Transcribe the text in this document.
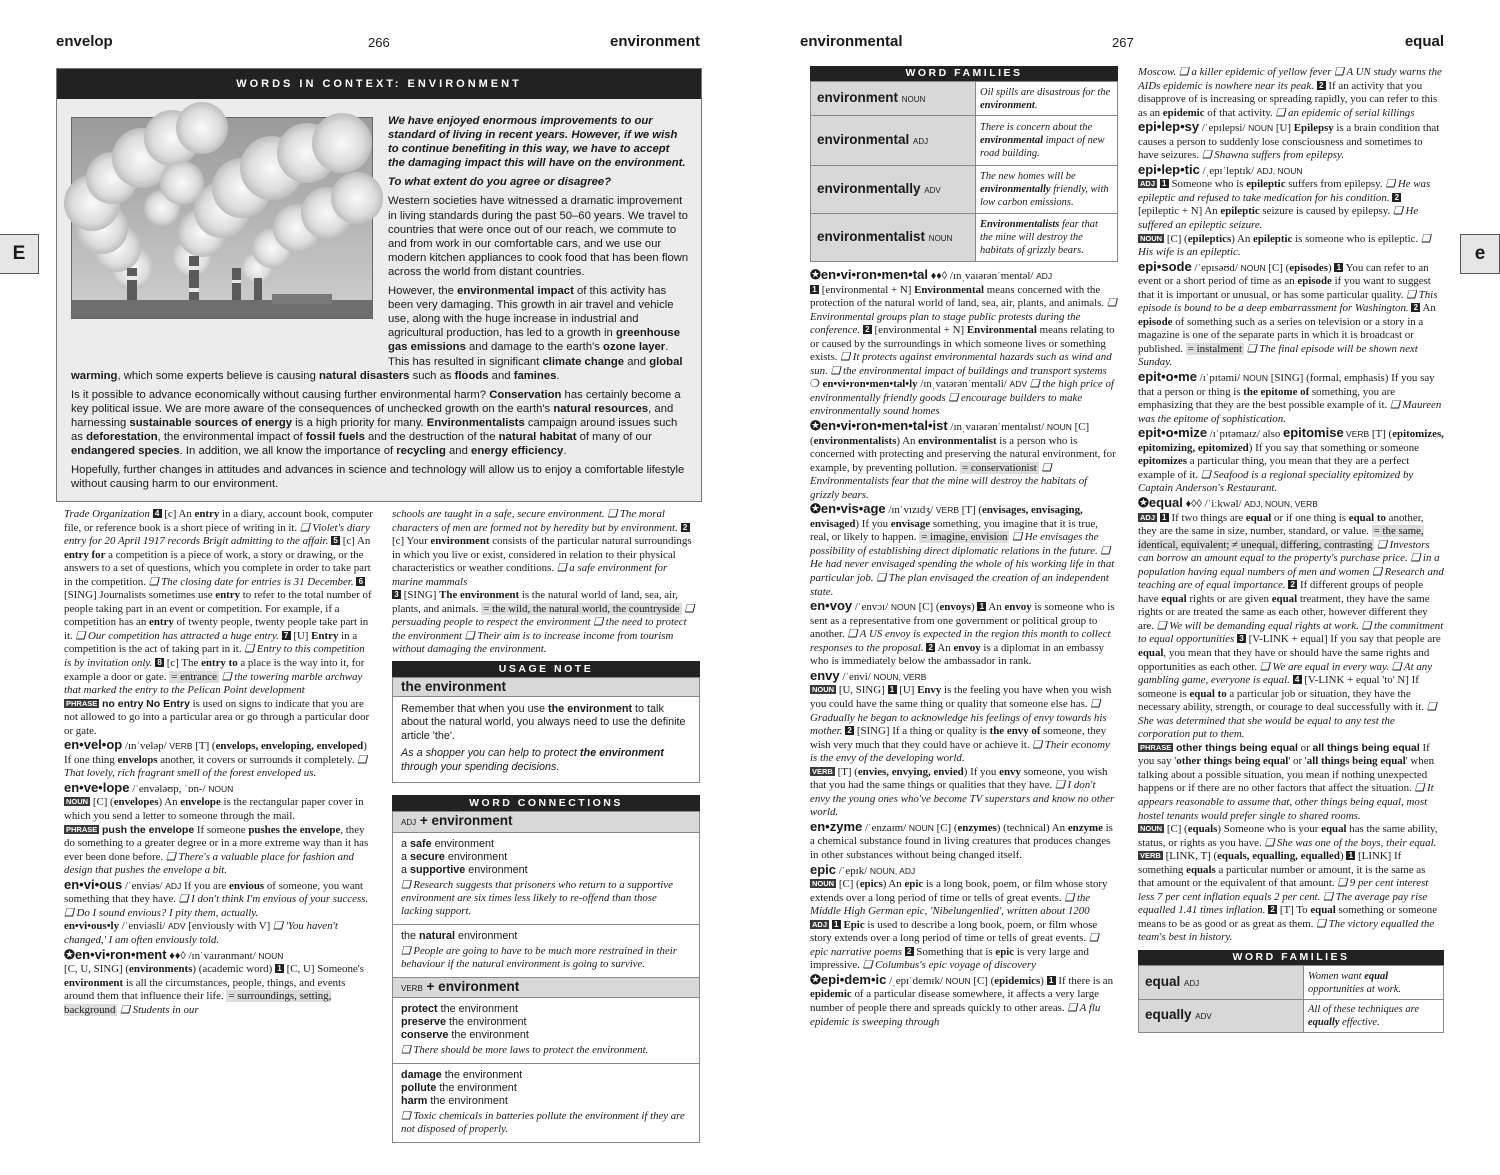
envelop	266	environment	environmental	267	equal
E	e
WORDS IN CONTEXT: ENVIRONMENT

We have enjoyed enormous improvements to our standard of living in recent years. However, if we wish to continue benefiting in this way, we have to accept the damaging impact this will have on the environment.

To what extent do you agree or disagree?

Western societies have witnessed a dramatic improvement in living standards during the past 50–60 years. We travel to countries that were once out of our reach, we commute to and from work in our comfortable cars, and we use our modern kitchen appliances to cook food that has been flown across the world from distant countries.

However, the environmental impact of this activity has been very damaging. This growth in air travel and vehicle use, along with the huge increase in industrial and agricultural production, has led to a growth in greenhouse gas emissions and damage to the earth's ozone layer. This has resulted in significant climate change and global warming, which some experts believe is causing natural disasters such as floods and famines.

Is it possible to advance economically without causing further environmental harm? Conservation has certainly become a key political issue. We are more aware of the consequences of unchecked growth on the earth's natural resources, and harnessing sustainable sources of energy is a high priority for many. Environmentalists campaign around issues such as deforestation, the environmental impact of fossil fuels and the destruction of the natural habitat of many of our endangered species. In addition, we all know the importance of recycling and energy efficiency.

Hopefully, further changes in attitudes and advances in science and technology will allow us to enjoy a comfortable lifestyle without causing harm to our environment.

Trade Organization 4 [c] An entry in a diary, account book, computer file, or reference book is a short piece of writing in it. ❑ Violet's diary entry for 20 April 1917 records Brigit admitting to the affair. 5 [c] An entry for a competition is a piece of work, a story or drawing, or the answers to a set of questions, which you complete in order to take part in the competition. ❑ The closing date for entries is 31 December. 6 [SING] Journalists sometimes use entry to refer to the total number of people taking part in an event or competition. For example, if a competition has an entry of twenty people, twenty people take part in it. ❑ Our competition has attracted a huge entry. 7 [U] Entry in a competition is the act of taking part in it. ❑ Entry to this competition is by invitation only. 8 [c] The entry to a place is the way into it, for example a door or gate. = entrance ❑ the towering marble archway that marked the entry to the Pelican Point development
PHRASE no entry No Entry is used on signs to indicate that you are not allowed to go into a particular area or go through a particular door or gate.

en•vel•op /ɪnˈveləp/ VERB [T] (envelops, enveloping, enveloped) If one thing envelops another, it covers or surrounds it completely. ❑ That lovely, rich fragrant smell of the forest enveloped us.

en•ve•lope /ˈenvələʊp, ˈɒn-/ NOUN
NOUN [C] (envelopes) An envelope is the rectangular paper cover in which you send a letter to someone through the mail.
PHRASE push the envelope If someone pushes the envelope, they do something to a greater degree or in a more extreme way than it has ever been done before. ❑ There's a valuable place for fashion and design that pushes the envelope a bit.

en•vi•ous /ˈenviəs/ ADJ If you are envious of someone, you want something that they have. ❑ I don't think I'm envious of your success. ❑ Do I sound envious? I pity them, actually.
en•vi•ous•ly /ˈenviəsli/ ADV [enviously with V] ❑ 'You haven't changed,' I am often enviously told.

✪en•vi•ron•ment ♦♦◊ /ɪnˈvaɪrənmənt/ NOUN
[C, U, SING] (environments) (academic word) 1 [C, U] Someone's environment is all the circumstances, people, things, and events around them that influence their life. = surroundings, setting, background ❑ Students in our

schools are taught in a safe, secure environment. ❑ The moral characters of men are formed not by heredity but by environment. 2 [c] Your environment consists of the particular natural surroundings in which you live or exist, considered in relation to their physical characteristics or weather conditions. ❑ a safe environment for marine mammals
3 [SING] The environment is the natural world of land, sea, air, plants, and animals. = the wild, the natural world, the countryside ❑ persuading people to respect the environment ❑ the need to protect the environment ❑ Their aim is to increase income from tourism without damaging the environment.

USAGE NOTE
the environment
Remember that when you use the environment to talk about the natural world, you always need to use the definite article 'the'.
As a shopper you can help to protect the environment through your spending decisions.
WORD CONNECTIONS
ADJ + environment
a safe environment
a secure environment
a supportive environment
❑ Research suggests that prisoners who return to a supportive environment are six times less likely to re-offend than those lacking support.
the natural environment
❑ People are going to have to be much more restrained in their behaviour if the natural environment is going to survive.
VERB + environment
protect the environment
preserve the environment
conserve the environment
❑ There should be more laws to protect the environment.
damage the environment
pollute the environment
harm the environment
❑ Toxic chemicals in batteries pollute the environment if they are not disposed of properly.
WORD FAMILIES
environment NOUN	Oil spills are disastrous for the environment.
environmental ADJ	There is concern about the environmental impact of new road building.
environmentally ADV	The new homes will be environmentally friendly, with low carbon emissions.
environmentalist NOUN	Environmentalists fear that the mine will destroy the habitats of grizzly bears.

✪en•vi•ron•men•tal ♦♦◊ /ɪnˌvaɪərənˈmentəl/ ADJ
1 [environmental + N] Environmental means concerned with the protection of the natural world of land, sea, air, plants, and animals. ❑ Environmental groups plan to stage public protests during the conference. 2 [environmental + N] Environmental means relating to or caused by the surroundings in which someone lives or something exists. ❑ It protects against environmental hazards such as wind and sun. ❑ the environmental impact of buildings and transport systems
❍ en•vi•ron•men•tal•ly /ɪnˌvaɪərənˈmentəli/ ADV ❑ the high price of environmentally friendly goods ❑ encourage builders to make environmentally sound homes

✪en•vi•ron•men•tal•ist /ɪnˌvaɪərənˈmentəlɪst/ NOUN [C] (environmentalists) An environmentalist is a person who is concerned with protecting and preserving the natural environment, for example, by preventing pollution. = conservationist ❑ Environmentalists fear that the mine will destroy the habitats of grizzly bears.

✪en•vis•age /ɪnˈvɪzɪdʒ/ VERB [T] (envisages, envisaging, envisaged) If you envisage something, you imagine that it is true, real, or likely to happen. = imagine, envision ❑ He envisages the possibility of establishing direct diplomatic relations in the future. ❑ He had never envisaged spending the whole of his working life in that particular job. ❑ The plan envisaged the creation of an independent state.

en•voy /ˈenvɔɪ/ NOUN [C] (envoys) 1 An envoy is someone who is sent as a representative from one government or political group to another. ❑ A US envoy is expected in the region this month to collect responses to the proposal. 2 An envoy is a diplomat in an embassy who is immediately below the ambassador in rank.

envy /ˈenvi/ NOUN, VERB
NOUN [U, SING] 1 [U] Envy is the feeling you have when you wish you could have the same thing or quality that someone else has. ❑ Gradually he began to acknowledge his feelings of envy towards his mother. 2 [SING] If a thing or quality is the envy of someone, they wish very much that they could have or achieve it. ❑ Their economy is the envy of the developing world.
VERB [T] (envies, envying, envied) If you envy someone, you wish that you had the same things or qualities that they have. ❑ I don't envy the young ones who've become TV superstars and know no other world.

en•zyme /ˈenzaɪm/ NOUN [C] (enzymes) (technical) An enzyme is a chemical substance found in living creatures that produces changes in other substances without being changed itself.

epic /ˈepɪk/ NOUN, ADJ
NOUN [C] (epics) An epic is a long book, poem, or film whose story extends over a long period of time or tells of great events. ❑ the Middle High German epic, 'Nibelungenlied', written about 1200
ADJ 1 Epic is used to describe a long book, poem, or film whose story extends over a long period of time or tells of great events. ❑ epic narrative poems 2 Something that is epic is very large and impressive. ❑ Columbus's epic voyage of discovery

✪epi•dem•ic /ˌepɪˈdemɪk/ NOUN [C] (epidemics) 1 If there is an epidemic of a particular disease somewhere, it affects a very large number of people there and spreads quickly to other areas. ❑ A flu epidemic is sweeping through

Moscow. ❑ a killer epidemic of yellow fever ❑ A UN study warns the AIDs epidemic is nowhere near its peak. 2 If an activity that you disapprove of is increasing or spreading rapidly, you can refer to this as an epidemic of that activity. ❑ an epidemic of serial killings

epi•lep•sy /ˈepɪlepsi/ NOUN [U] Epilepsy is a brain condition that causes a person to suddenly lose consciousness and sometimes to have seizures. ❑ Shawna suffers from epilepsy.

epi•lep•tic /ˌepɪˈleptɪk/ ADJ, NOUN
ADJ 1 Someone who is epileptic suffers from epilepsy. ❑ He was epileptic and refused to take medication for his condition. 2 [epileptic + N] An epileptic seizure is caused by epilepsy. ❑ He suffered an epileptic seizure.
NOUN [C] (epileptics) An epileptic is someone who is epileptic. ❑ His wife is an epileptic.

epi•sode /ˈepɪsəʊd/ NOUN [C] (episodes) 1 You can refer to an event or a short period of time as an episode if you want to suggest that it is important or unusual, or has some particular quality. ❑ This episode is bound to be a deep embarrassment for Washington. 2 An episode of something such as a series on television or a story in a magazine is one of the separate parts in which it is broadcast or published. = instalment ❑ The final episode will be shown next Sunday.

epit•o•me /ɪˈpɪtəmi/ NOUN [SING] (formal, emphasis) If you say that a person or thing is the epitome of something, you are emphasizing that they are the best possible example of it. ❑ Maureen was the epitome of sophistication.

epit•o•mize /ɪˈpɪtəmaɪz/ also epitomise VERB [T] (epitomizes, epitomizing, epitomized) If you say that something or someone epitomizes a particular thing, you mean that they are a perfect example of it. ❑ Seafood is a regional speciality epitomized by Captain Anderson's Restaurant.

✪equal ♦◊◊ /ˈiːkwəl/ ADJ, NOUN, VERB
ADJ 1 If two things are equal or if one thing is equal to another, they are the same in size, number, standard, or value. = the same, identical, equivalent; ≠ unequal, differing, contrasting ❑ Investors can borrow an amount equal to the property's purchase price. ❑ in a population having equal numbers of men and women ❑ Research and teaching are of equal importance. 2 If different groups of people have equal rights or are given equal treatment, they have the same rights or are treated the same as each other, however different they are. ❑ We will be demanding equal rights at work. ❑ the commitment to equal opportunities 3 [V-LINK + equal] If you say that people are equal, you mean that they have or should have the same rights and opportunities as each other. ❑ We are equal in every way. ❑ At any gambling game, everyone is equal. 4 [V-LINK + equal 'to' N] If someone is equal to a particular job or situation, they have the necessary ability, strength, or courage to deal successfully with it. ❑ She was determined that she would be equal to any test the corporation put to them.
PHRASE other things being equal or all things being equal If you say 'other things being equal' or 'all things being equal' when talking about a possible situation, you mean if nothing unexpected happens or if there are no other factors that affect the situation. ❑ It appears reasonable to assume that, other things being equal, most hostel tenants would prefer single to shared rooms.
NOUN [C] (equals) Someone who is your equal has the same ability, status, or rights as you have. ❑ She was one of the boys, their equal.
VERB [LINK, T] (equals, equalling, equalled) 1 [LINK] If something equals a particular number or amount, it is the same as that amount or the equivalent of that amount. ❑ 9 per cent interest less 7 per cent inflation equals 2 per cent. ❑ The average pay rise equalled 1.41 times inflation. 2 [T] To equal something or someone means to be as good or as great as them. ❑ The victory equalled the team's best in history.

WORD FAMILIES
equal ADJ	Women want equal opportunities at work.
equally ADV	All of these techniques are equally effective.
